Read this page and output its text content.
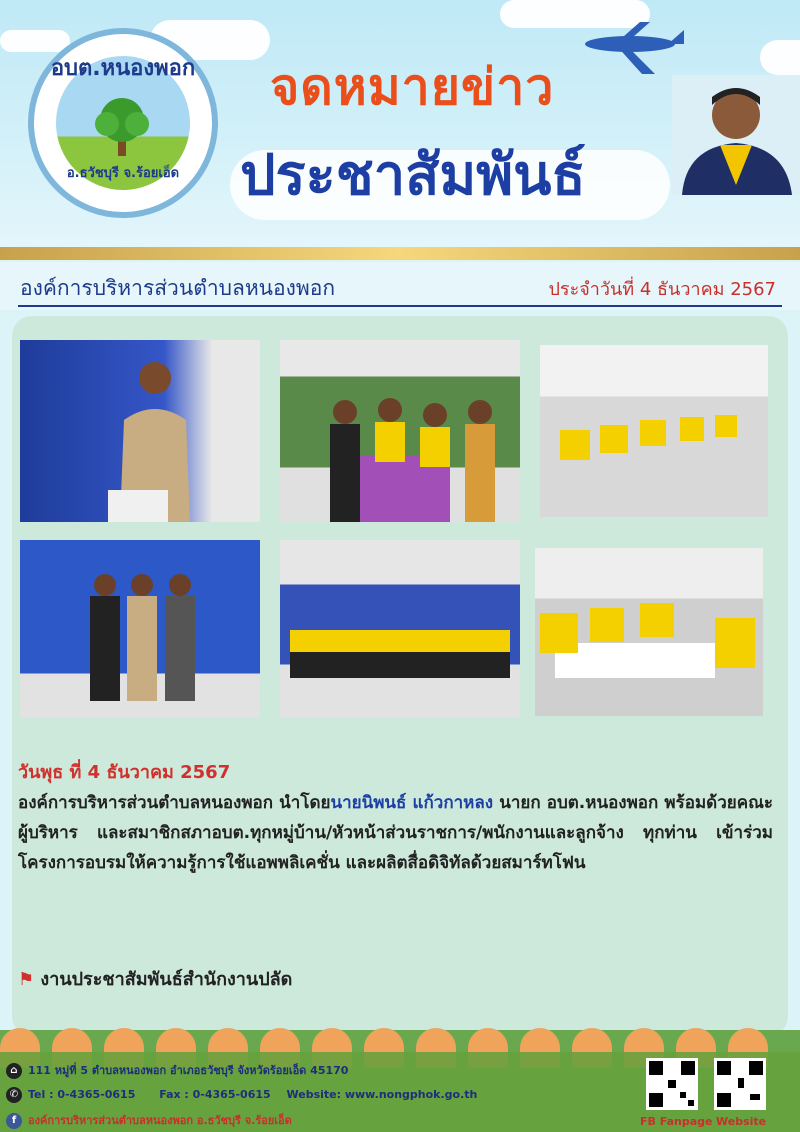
อบต.หนองพอก
อ.ธวัชบุรี จ.ร้อยเอ็ด
จดหมายข่าว
ประชาสัมพันธ์
องค์การบริหารส่วนตำบลหนองพอก	ประจำวันที่ 4 ธันวาคม 2567
วันพุธ ที่ 4 ธันวาคม 2567
องค์การบริหารส่วนตำบลหนองพอก นำโดยนายนิพนธ์ แก้วกาหลง นายก อบต.หนองพอก พร้อมด้วยคณะผู้บริหาร และสมาชิกสภาอบต.ทุกหมู่บ้าน/หัวหน้าส่วนราชการ/พนักงานและลูกจ้าง ทุกท่าน เข้าร่วมโครงการอบรมให้ความรู้การใช้แอพพลิเคชั่น และผลิตสื่อดิจิทัลด้วยสมาร์ทโฟน
⚑ งานประชาสัมพันธ์สำนักงานปลัด
⌂ 111 หมู่ที่ 5 ตำบลหนองพอก อำเภอธวัชบุรี จังหวัดร้อยเอ็ด 45170
✆ Tel : 0-4365-0615 Fax : 0-4365-0615 Website: www.nongphok.go.th
f องค์การบริหารส่วนตำบลหนองพอก อ.ธวัชบุรี จ.ร้อยเอ็ด	FB Fanpage Website
